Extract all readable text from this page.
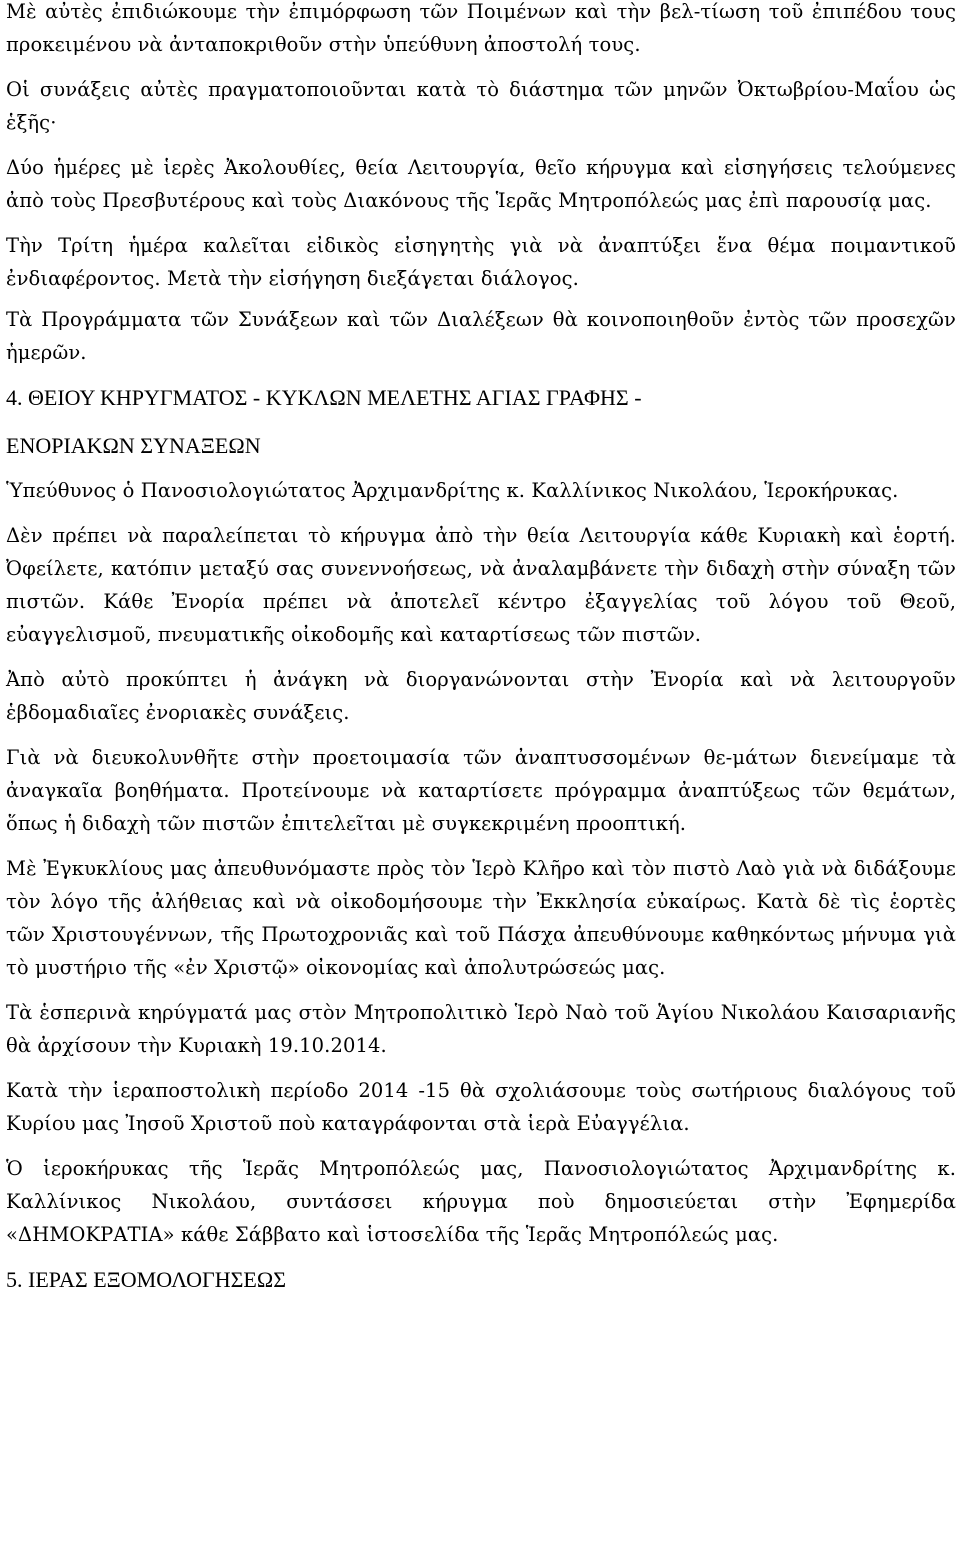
Μὲ αὐτὲς ἐπιδιώκουμε τὴν ἐπιμόρφωση τῶν Ποιμένων καὶ τὴν βελ-τίωση τοῦ ἐπιπέδου τους προκειμένου νὰ ἀνταποκριθοῦν στὴν ὑπεύθυνη ἀποστολή τους.

Οἱ συνάξεις αὐτὲς πραγματοποιοῦνται κατὰ τὸ διάστημα τῶν μηνῶν Ὀκτωβρίου-Μαΐου ὡς ἑξῆς·

Δύο ἡμέρες μὲ ἱερὲς Ἀκολουθίες, θεία Λειτουργία, θεῖο κήρυγμα καὶ εἰσηγήσεις τελούμενες ἀπὸ τοὺς Πρεσβυτέρους καὶ τοὺς Διακόνους τῆς Ἱερᾶς Μητροπόλεώς μας ἐπὶ παρουσίᾳ μας.

Τὴν Τρίτη ἡμέρα καλεῖται εἰδικὸς εἰσηγητὴς γιὰ νὰ ἀναπτύξει ἕνα θέμα ποιμαντικοῦ ἐνδιαφέροντος. Μετὰ τὴν εἰσήγηση διεξάγεται διάλογος.

Τὰ Προγράμματα τῶν Συνάξεων καὶ τῶν Διαλέξεων θὰ κοινοποιηθοῦν ἐντὸς τῶν προσεχῶν ἡμερῶν.

4. ΘΕΙΟΥ ΚΗΡΥΓΜΑΤΟΣ - ΚΥΚΛΩΝ ΜΕΛΕΤΗΣ ΑΓΙΑΣ ΓΡΑΦΗΣ -

ΕΝΟΡΙΑΚΩΝ ΣΥΝΑΞΕΩΝ

Ὑπεύθυνος ὁ Πανοσιολογιώτατος Ἀρχιμανδρίτης κ. Καλλίνικος Νικολάου, Ἱεροκήρυκας.

Δὲν πρέπει νὰ παραλείπεται τὸ κήρυγμα ἀπὸ τὴν θεία Λειτουργία κάθε Κυριακὴ καὶ ἑορτή. Ὀφείλετε, κατόπιν μεταξύ σας συνεννοήσεως, νὰ ἀναλαμβάνετε τὴν διδαχὴ στὴν σύναξη τῶν πιστῶν. Κάθε Ἐνορία πρέπει νὰ ἀποτελεῖ κέντρο ἐξαγγελίας τοῦ λόγου τοῦ Θεοῦ, εὐαγγελισμοῦ, πνευματικῆς οἰκοδομῆς καὶ καταρτίσεως τῶν πιστῶν.

Ἀπὸ αὐτὸ προκύπτει ἡ ἀνάγκη νὰ διοργανώνονται στὴν Ἐνορία καὶ νὰ λειτουργοῦν ἑβδομαδιαῖες ἐνοριακὲς συνάξεις.

Γιὰ νὰ διευκολυνθῆτε στὴν προετοιμασία τῶν ἀναπτυσσομένων θε-μάτων διενείμαμε τὰ ἀναγκαῖα βοηθήματα. Προτείνουμε νὰ καταρτίσετε πρόγραμμα ἀναπτύξεως τῶν θεμάτων, ὅπως ἡ διδαχὴ τῶν πιστῶν ἐπιτελεῖται μὲ συγκεκριμένη προοπτική.

Μὲ Ἐγκυκλίους μας ἀπευθυνόμαστε πρὸς τὸν Ἱερὸ Κλῆρο καὶ τὸν πιστὸ Λαὸ γιὰ νὰ διδάξουμε τὸν λόγο τῆς ἀλήθειας καὶ νὰ οἰκοδομήσουμε τὴν Ἐκκλησία εὐκαίρως. Κατὰ δὲ τὶς ἑορτὲς τῶν Χριστουγέννων, τῆς Πρωτοχρονιᾶς καὶ τοῦ Πάσχα ἀπευθύνουμε καθηκόντως μήνυμα γιὰ τὸ μυστήριο τῆς «ἐν Χριστῷ» οἰκονομίας καὶ ἀπολυτρώσεώς μας.

Τὰ ἑσπερινὰ κηρύγματά μας στὸν Μητροπολιτικὸ Ἱερὸ Ναὸ τοῦ Ἁγίου Νικολάου Καισαριανῆς θὰ ἀρχίσουν τὴν Κυριακὴ 19.10.2014.

Κατὰ τὴν ἱεραποστολικὴ περίοδο 2014 -15 θὰ σχολιάσουμε τοὺς σωτήριους διαλόγους τοῦ Κυρίου μας Ἰησοῦ Χριστοῦ ποὺ καταγράφονται στὰ ἱερὰ Εὐαγγέλια.

Ὁ ἱεροκήρυκας τῆς Ἱερᾶς Μητροπόλεώς μας, Πανοσιολογιώτατος Ἀρχιμανδρίτης κ. Καλλίνικος Νικολάου, συντάσσει κήρυγμα ποὺ δημοσιεύεται στὴν Ἐφημερίδα «ΔΗΜΟΚΡΑΤΙΑ» κάθε Σάββατο καὶ ἱστοσελίδα τῆς Ἱερᾶς Μητροπόλεώς μας.

5. ΙΕΡΑΣ ΕΞΟΜΟΛΟΓΗΣΕΩΣ
